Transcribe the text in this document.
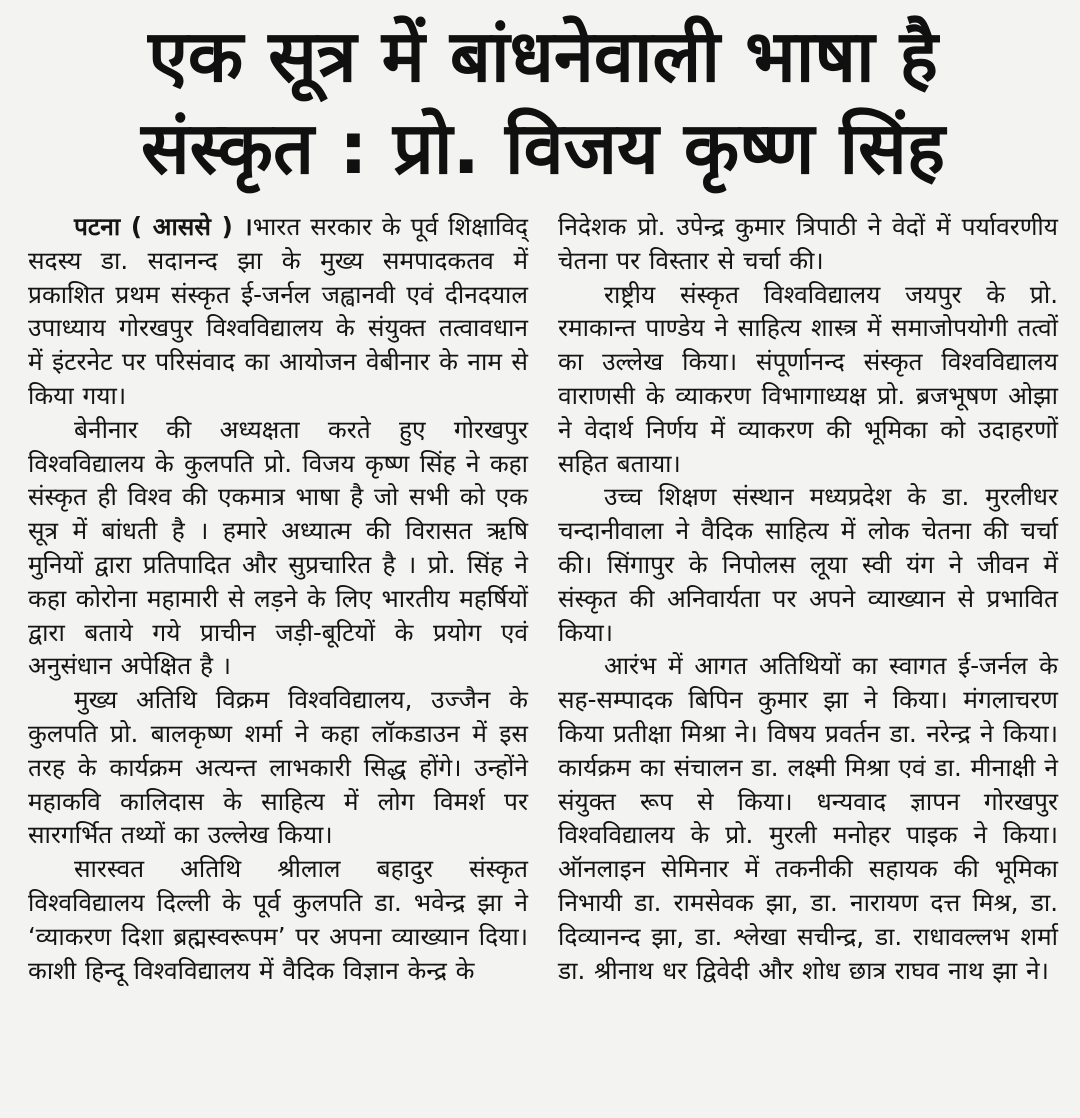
एक सूत्र में बांधनेवाली भाषा है
संस्कृत : प्रो. विजय कृष्ण सिंह

पटना ( आससे ) ।भारत सरकार के पूर्व शिक्षाविद् सदस्य डा. सदानन्द झा के मुख्य समपादकतव में प्रकाशित प्रथम संस्कृत ई-जर्नल जह्वानवी एवं दीनदयाल उपाध्याय गोरखपुर विश्वविद्यालय के संयुक्त तत्वावधान में इंटरनेट पर परिसंवाद का आयोजन वेबीनार के नाम से किया गया।

बेनीनार की अध्यक्षता करते हुए गोरखपुर विश्वविद्यालय के कुलपति प्रो. विजय कृष्ण सिंह ने कहा संस्कृत ही विश्व की एकमात्र भाषा है जो सभी को एक सूत्र में बांधती है । हमारे अध्यात्म की विरासत ऋषि मुनियों द्वारा प्रतिपादित और सुप्रचारित है । प्रो. सिंह ने कहा कोरोना महामारी से लड़ने के लिए भारतीय महर्षियों द्वारा बताये गये प्राचीन जड़ी-बूटियों के प्रयोग एवं अनुसंधान अपेक्षित है ।

मुख्य अतिथि विक्रम विश्वविद्यालय, उज्जैन के कुलपति प्रो. बालकृष्ण शर्मा ने कहा लॉकडाउन में इस तरह के कार्यक्रम अत्यन्त लाभकारी सिद्ध होंगे। उन्होंने महाकवि कालिदास के साहित्य में लोग विमर्श पर सारगर्भित तथ्यों का उल्लेख किया।

सारस्वत अतिथि श्रीलाल बहादुर संस्कृत विश्वविद्यालय दिल्ली के पूर्व कुलपति डा. भवेन्द्र झा ने ‘व्याकरण दिशा ब्रह्मस्वरूपम’ पर अपना व्याख्यान दिया। काशी हिन्दू विश्वविद्यालय में वैदिक विज्ञान केन्द्र के

निदेशक प्रो. उपेन्द्र कुमार त्रिपाठी ने वेदों में पर्यावरणीय चेतना पर विस्तार से चर्चा की।

राष्ट्रीय संस्कृत विश्वविद्यालय जयपुर के प्रो. रमाकान्त पाण्डेय ने साहित्य शास्त्र में समाजोपयोगी तत्वों का उल्लेख किया। संपूर्णानन्द संस्कृत विश्वविद्यालय वाराणसी के व्याकरण विभागाध्यक्ष प्रो. ब्रजभूषण ओझा ने वेदार्थ निर्णय में व्याकरण की भूमिका को उदाहरणों सहित बताया।

उच्च शिक्षण संस्थान मध्यप्रदेश के डा. मुरलीधर चन्दानीवाला ने वैदिक साहित्य में लोक चेतना की चर्चा की। सिंगापुर के निपोलस लूया स्वी यंग ने जीवन में संस्कृत की अनिवार्यता पर अपने व्याख्यान से प्रभावित किया।

आरंभ में आगत अतिथियों का स्वागत ई-जर्नल के सह-सम्पादक बिपिन कुमार झा ने किया। मंगलाचरण किया प्रतीक्षा मिश्रा ने। विषय प्रवर्तन डा. नरेन्द्र ने किया। कार्यक्रम का संचालन डा. लक्ष्मी मिश्रा एवं डा. मीनाक्षी ने संयुक्त रूप से किया। धन्यवाद ज्ञापन गोरखपुर विश्वविद्यालय के प्रो. मुरली मनोहर पाइक ने किया। ऑनलाइन सेमिनार में तकनीकी सहायक की भूमिका निभायी डा. रामसेवक झा, डा. नारायण दत्त मिश्र, डा. दिव्यानन्द झा, डा. श्लेखा सचीन्द्र, डा. राधावल्लभ शर्मा डा. श्रीनाथ धर द्विवेदी और शोध छात्र राघव नाथ झा ने।
